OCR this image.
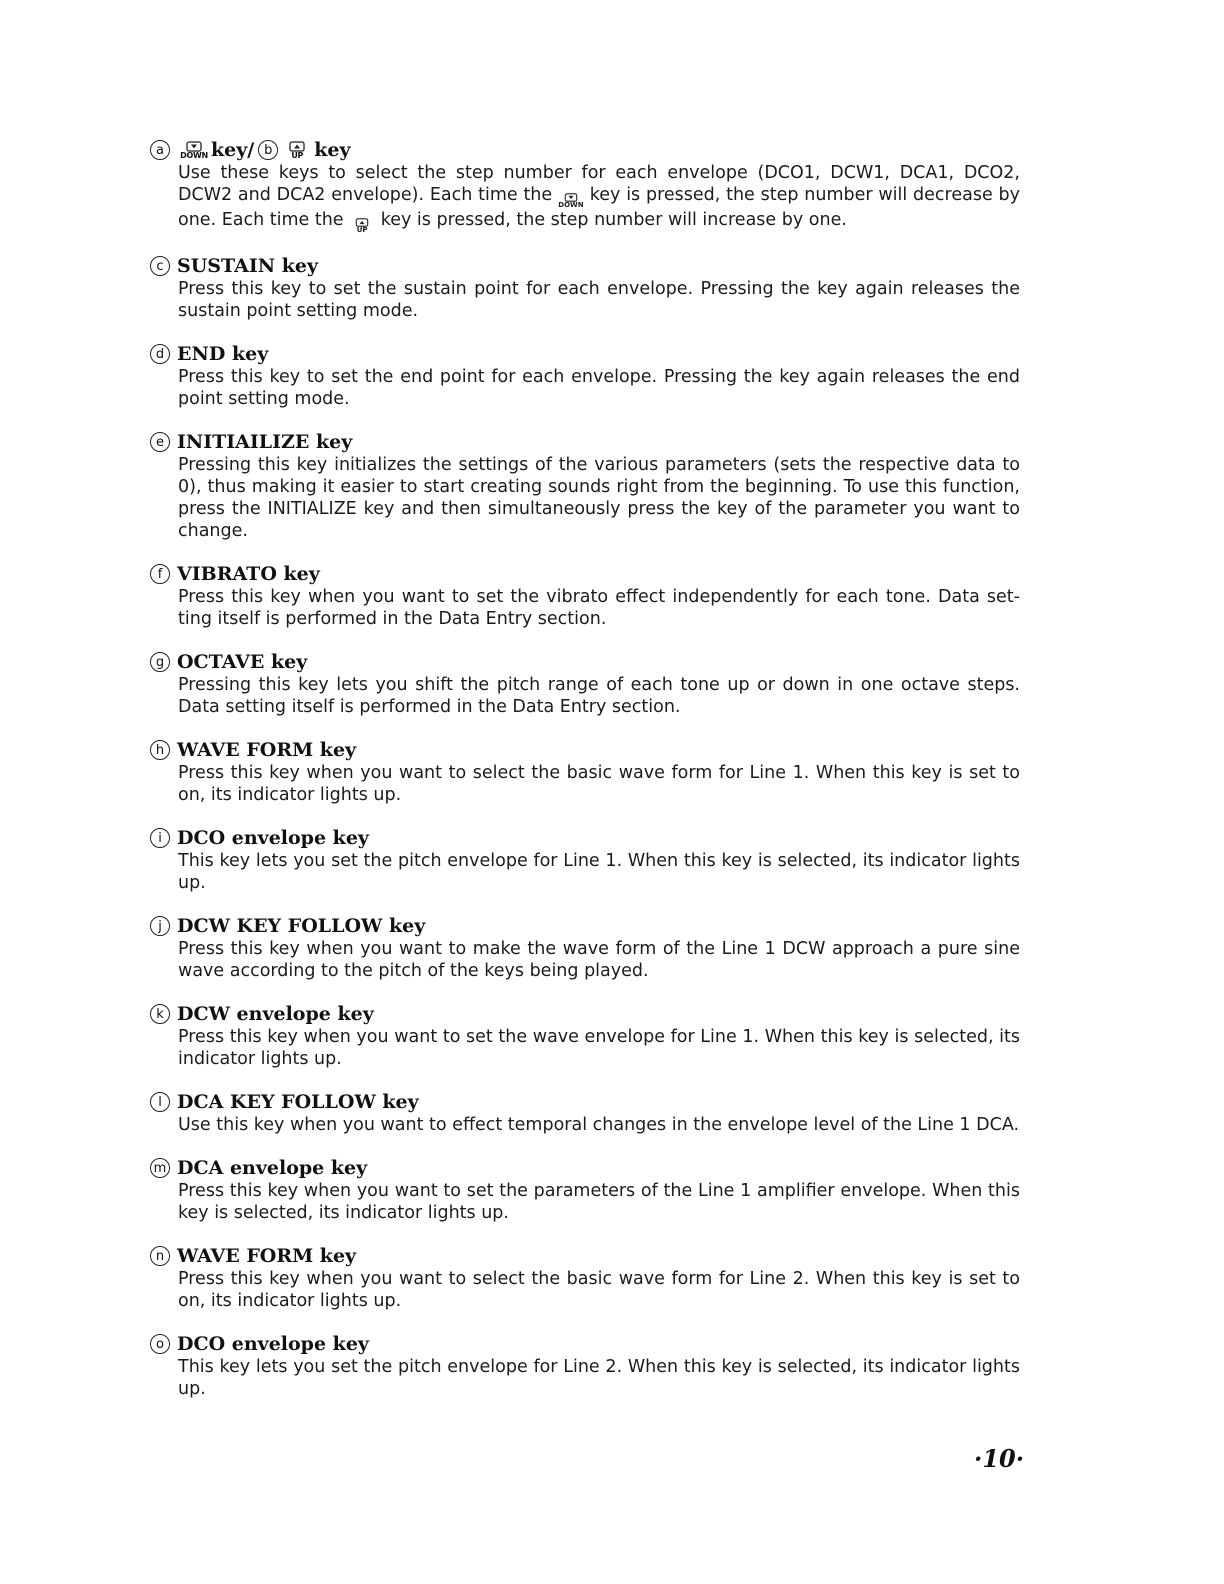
a	DOWN key/ b	UP key
Use these keys to select the step number for each envelope (DCO1, DCW1, DCA1, DCO2, DCW2 and DCA2 envelope). Each time the DOWN key is pressed, the step number will decrease by one. Each time the UP key is pressed, the step number will increase by one.
c SUSTAIN key
Press this key to set the sustain point for each envelope. Pressing the key again releases the sustain point setting mode.
d END key
Press this key to set the end point for each envelope. Pressing the key again releases the end point setting mode.
e INITIAILIZE key
Pressing this key initializes the settings of the various parameters (sets the respective data to 0), thus making it easier to start creating sounds right from the beginning. To use this function, press the INITIALIZE key and then simultaneously press the key of the parameter you want to change.
f VIBRATO key
Press this key when you want to set the vibrato effect independently for each tone. Data set- ting itself is performed in the Data Entry section.
g OCTAVE key
Pressing this key lets you shift the pitch range of each tone up or down in one octave steps. Data setting itself is performed in the Data Entry section.
h WAVE FORM key
Press this key when you want to select the basic wave form for Line 1. When this key is set to on, its indicator lights up.
i DCO envelope key
This key lets you set the pitch envelope for Line 1. When this key is selected, its indicator lights up.
j DCW KEY FOLLOW key
Press this key when you want to make the wave form of the Line 1 DCW approach a pure sine wave according to the pitch of the keys being played.
k DCW envelope key
Press this key when you want to set the wave envelope for Line 1. When this key is selected, its indicator lights up.
l DCA KEY FOLLOW key
Use this key when you want to effect temporal changes in the envelope level of the Line 1 DCA.
m DCA envelope key
Press this key when you want to set the parameters of the Line 1 amplifier envelope. When this key is selected, its indicator lights up.
n WAVE FORM key
Press this key when you want to select the basic wave form for Line 2. When this key is set to on, its indicator lights up.
o DCO envelope key
This key lets you set the pitch envelope for Line 2. When this key is selected, its indicator lights up.
·10·
